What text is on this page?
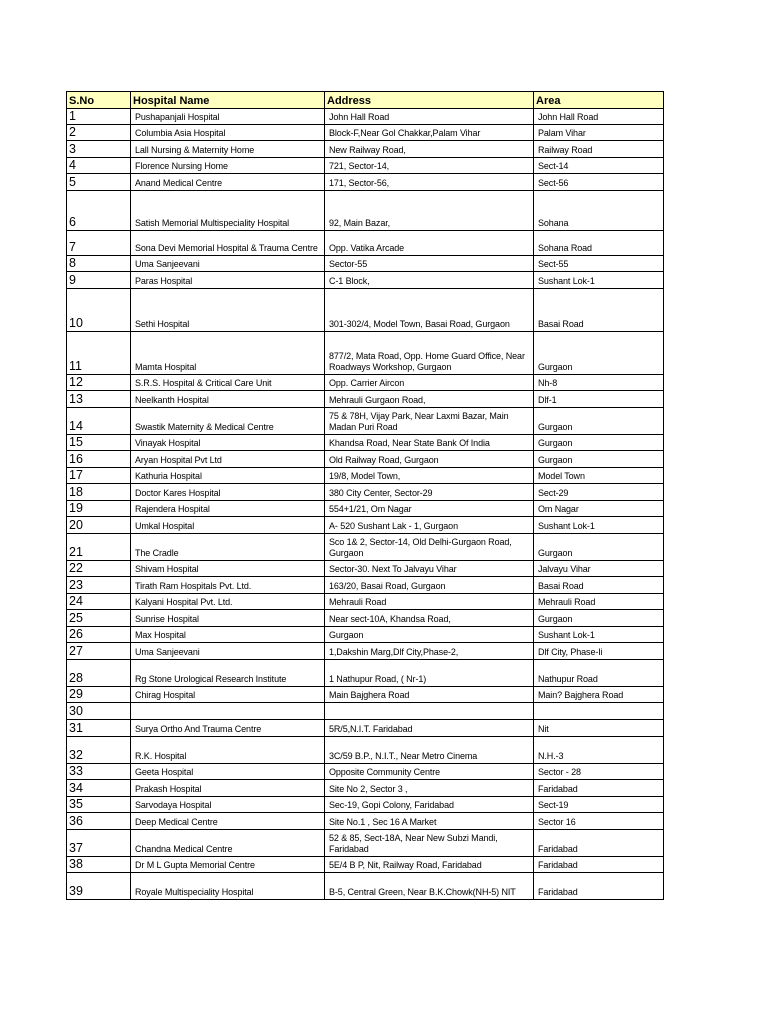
S.No	Hospital Name	Address	Area
1	Pushapanjali Hospital	John Hall Road	John Hall Road
2	Columbia Asia Hospital	Block-F,Near Gol Chakkar,Palam Vihar	Palam Vihar
3	Lall Nursing & Maternity Home	New Railway Road,	Railway Road
4	Florence Nursing Home	721, Sector-14,	Sect-14
5	Anand Medical Centre	171, Sector-56,	Sect-56
6	Satish Memorial Multispeciality Hospital	92, Main Bazar,	Sohana
7	Sona Devi Memorial Hospital & Trauma Centre	Opp. Vatika Arcade	Sohana Road
8	Uma Sanjeevani	Sector-55	Sect-55
9	Paras Hospital	C-1 Block,	Sushant Lok-1
10	Sethi Hospital	301-302/4, Model Town, Basai Road, Gurgaon	Basai Road
11	Mamta Hospital	877/2, Mata Road, Opp. Home Guard Office, Near Roadways Workshop, Gurgaon	Gurgaon
12	S.R.S. Hospital & Critical Care Unit	Opp. Carrier Aircon	Nh-8
13	Neelkanth Hospital	Mehrauli Gurgaon Road,	Dlf-1
14	Swastik Maternity & Medical Centre	75 & 78H, Vijay Park, Near Laxmi Bazar, Main Madan Puri Road	Gurgaon
15	Vinayak Hospital	Khandsa Road, Near State Bank Of India	Gurgaon
16	Aryan Hospital Pvt Ltd	Old Railway Road, Gurgaon	Gurgaon
17	Kathuria Hospital	19/8, Model Town,	Model Town
18	Doctor Kares Hospital	380 City Center, Sector-29	Sect-29
19	Rajendera Hospital	554+1/21, Om Nagar	Om Nagar
20	Umkal Hospital	A- 520 Sushant Lak - 1, Gurgaon	Sushant Lok-1
21	The Cradle	Sco 1& 2, Sector-14, Old Delhi-Gurgaon Road, Gurgaon	Gurgaon
22	Shivam Hospital	Sector-30. Next To Jalvayu Vihar	Jalvayu Vihar
23	Tirath Ram Hospitals Pvt. Ltd.	163/20, Basai Road, Gurgaon	Basai Road
24	Kalyani Hospital Pvt. Ltd.	Mehrauli Road	Mehrauli Road
25	Sunrise Hospital	Near sect-10A, Khandsa Road,	Gurgaon
26	Max Hospital	Gurgaon	Sushant Lok-1
27	Uma Sanjeevani	1,Dakshin Marg,Dlf City,Phase-2,	Dlf City, Phase-Ii
28	Rg Stone Urological Research Institute	1 Nathupur Road, ( Nr-1)	Nathupur Road
29	Chirag Hospital	Main Bajghera Road	Main? Bajghera Road
30			
31	Surya Ortho And Trauma Centre	5R/5,N.I.T. Faridabad	Nit
32	R.K. Hospital	3C/59 B.P., N.I.T., Near Metro Cinema	N.H.-3
33	Geeta Hospital	Opposite Community Centre	Sector - 28
34	Prakash Hospital	Site No 2, Sector 3 ,	Faridabad
35	Sarvodaya Hospital	Sec-19, Gopi Colony, Faridabad	Sect-19
36	Deep Medical Centre	Site No.1 , Sec 16 A Market	Sector 16
37	Chandna Medical Centre	52 & 85, Sect-18A, Near New Subzi Mandi, Faridabad	Faridabad
38	Dr M L Gupta Memorial Centre	5E/4 B P, Nit, Railway Road, Faridabad	Faridabad
39	Royale Multispeciality Hospital	B-5, Central Green, Near B.K.Chowk(NH-5) NIT	Faridabad
